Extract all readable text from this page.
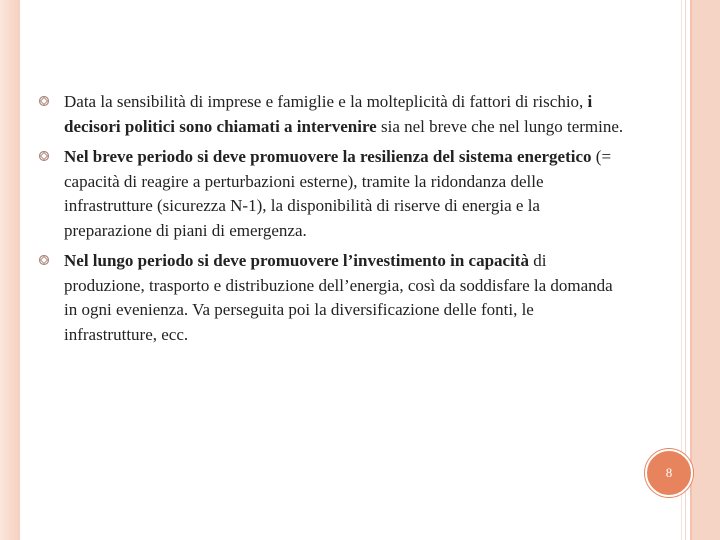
Data la sensibilità di imprese e famiglie e la molteplicità di fattori di rischio, i decisori politici sono chiamati a intervenire sia nel breve che nel lungo termine.

Nel breve periodo si deve promuovere la resilienza del sistema energetico (= capacità di reagire a perturbazioni esterne), tramite la ridondanza delle infrastrutture (sicurezza N-1), la disponibilità di riserve di energia e la preparazione di piani di emergenza.

Nel lungo periodo si deve promuovere l’investimento in capacità di produzione, trasporto e distribuzione dell’energia, così da soddisfare la domanda in ogni evenienza. Va perseguita poi la diversificazione delle fonti, le infrastrutture, ecc.

8
